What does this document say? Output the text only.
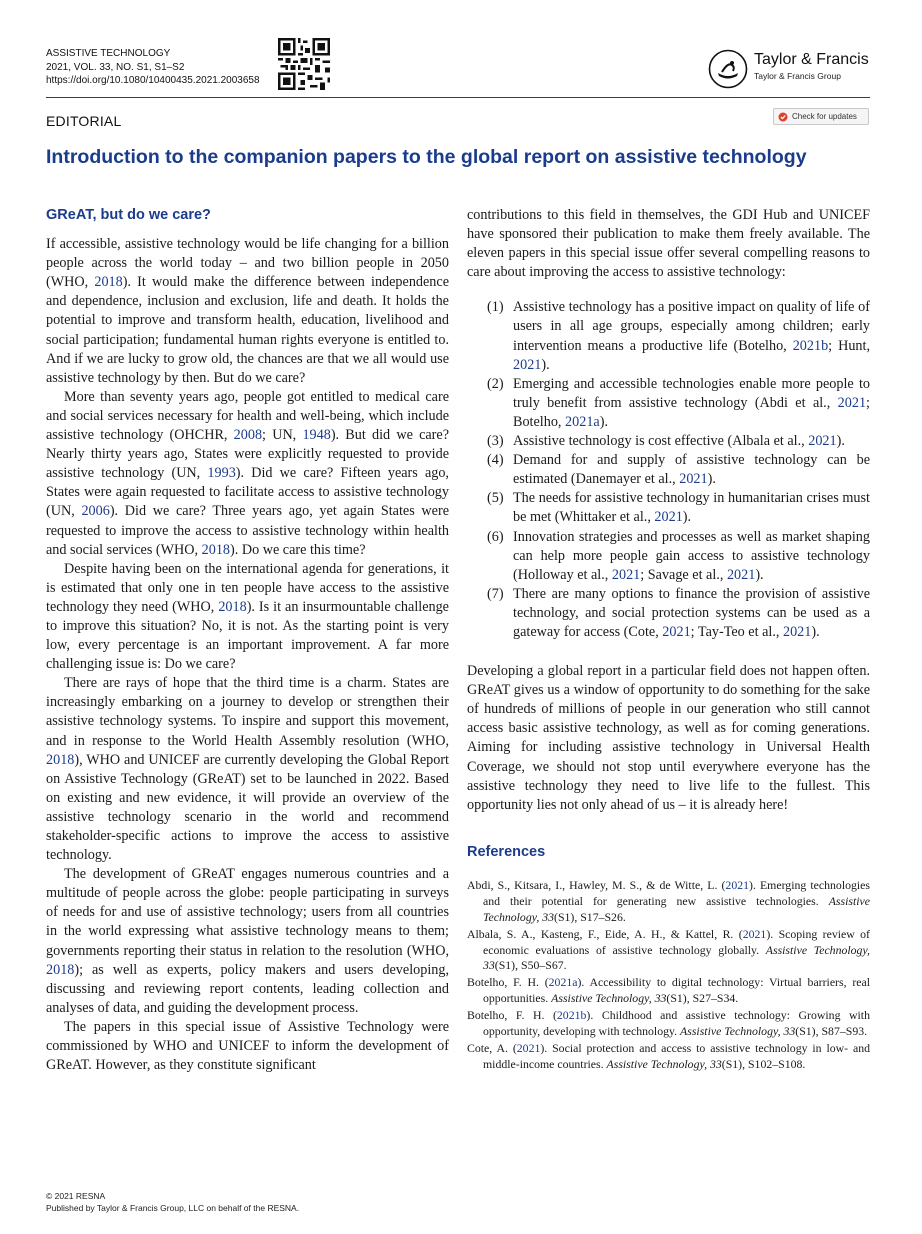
ASSISTIVE TECHNOLOGY
2021, VOL. 33, NO. S1, S1–S2
https://doi.org/10.1080/10400435.2021.2003658
Taylor & Francis
Taylor & Francis Group
EDITORIAL	Check for updates
Introduction to the companion papers to the global report on assistive technology
GReAT, but do we care?

If accessible, assistive technology would be life changing for a billion people across the world today – and two billion people in 2050 (WHO, 2018). It would make the difference between independence and dependence, inclusion and exclusion, life and death. It holds the potential to improve and transform health, education, livelihood and social participation; fundamental human rights everyone is entitled to. And if we are lucky to grow old, the chances are that we all would use assistive technology by then. But do we care?

More than seventy years ago, people got entitled to medical care and social services necessary for health and well-being, which include assistive technology (OHCHR, 2008; UN, 1948). But did we care? Nearly thirty years ago, States were explicitly requested to provide assistive technology (UN, 1993). Did we care? Fifteen years ago, States were again requested to facilitate access to assistive technology (UN, 2006). Did we care? Three years ago, yet again States were requested to improve the access to assistive technology within health and social services (WHO, 2018). Do we care this time?

Despite having been on the international agenda for generations, it is estimated that only one in ten people have access to the assistive technology they need (WHO, 2018). Is it an insurmountable challenge to improve this situation? No, it is not. As the starting point is very low, every percentage is an important improvement. A far more challenging issue is: Do we care?

There are rays of hope that the third time is a charm. States are increasingly embarking on a journey to develop or strengthen their assistive technology systems. To inspire and support this movement, and in response to the World Health Assembly resolution (WHO, 2018), WHO and UNICEF are currently developing the Global Report on Assistive Technology (GReAT) set to be launched in 2022. Based on existing and new evidence, it will provide an overview of the assistive technology scenario in the world and recommend stakeholder-specific actions to improve the access to assistive technology.

The development of GReAT engages numerous countries and a multitude of people across the globe: people participating in surveys of needs for and use of assistive technology; users from all countries in the world expressing what assistive technology means to them; governments reporting their status in relation to the resolution (WHO, 2018); as well as experts, policy makers and users developing, discussing and reviewing report contents, leading collection and analyses of data, and guiding the development process.

The papers in this special issue of Assistive Technology were commissioned by WHO and UNICEF to inform the development of GReAT. However, as they constitute significant

contributions to this field in themselves, the GDI Hub and UNICEF have sponsored their publication to make them freely available. The eleven papers in this special issue offer several compelling reasons to care about improving the access to assistive technology:

(1) Assistive technology has a positive impact on quality of life of users in all age groups, especially among children; early intervention means a productive life (Botelho, 2021b; Hunt, 2021).
(2) Emerging and accessible technologies enable more people to truly benefit from assistive technology (Abdi et al., 2021; Botelho, 2021a).
(3) Assistive technology is cost effective (Albala et al., 2021).
(4) Demand for and supply of assistive technology can be estimated (Danemayer et al., 2021).
(5) The needs for assistive technology in humanitarian crises must be met (Whittaker et al., 2021).
(6) Innovation strategies and processes as well as market shaping can help more people gain access to assistive technology (Holloway et al., 2021; Savage et al., 2021).
(7) There are many options to finance the provision of assistive technology, and social protection systems can be used as a gateway for access (Cote, 2021; Tay-Teo et al., 2021).

Developing a global report in a particular field does not happen often. GReAT gives us a window of opportunity to do something for the sake of hundreds of millions of people in our generation who still cannot access basic assistive technology, as well as for coming generations. Aiming for including assistive technology in Universal Health Coverage, we should not stop until everywhere everyone has the assistive technology they need to live life to the fullest. This opportunity lies not only ahead of us – it is already here!

References
Abdi, S., Kitsara, I., Hawley, M. S., & de Witte, L. (2021). Emerging technologies and their potential for generating new assistive technologies. Assistive Technology, 33(S1), S17–S26.
Albala, S. A., Kasteng, F., Eide, A. H., & Kattel, R. (2021). Scoping review of economic evaluations of assistive technology globally. Assistive Technology, 33(S1), S50–S67.
Botelho, F. H. (2021a). Accessibility to digital technology: Virtual barriers, real opportunities. Assistive Technology, 33(S1), S27–S34.
Botelho, F. H. (2021b). Childhood and assistive technology: Growing with opportunity, developing with technology. Assistive Technology, 33(S1), S87–S93.
Cote, A. (2021). Social protection and access to assistive technology in low- and middle-income countries. Assistive Technology, 33(S1), S102–S108.
© 2021 RESNA
Published by Taylor & Francis Group, LLC on behalf of the RESNA.
